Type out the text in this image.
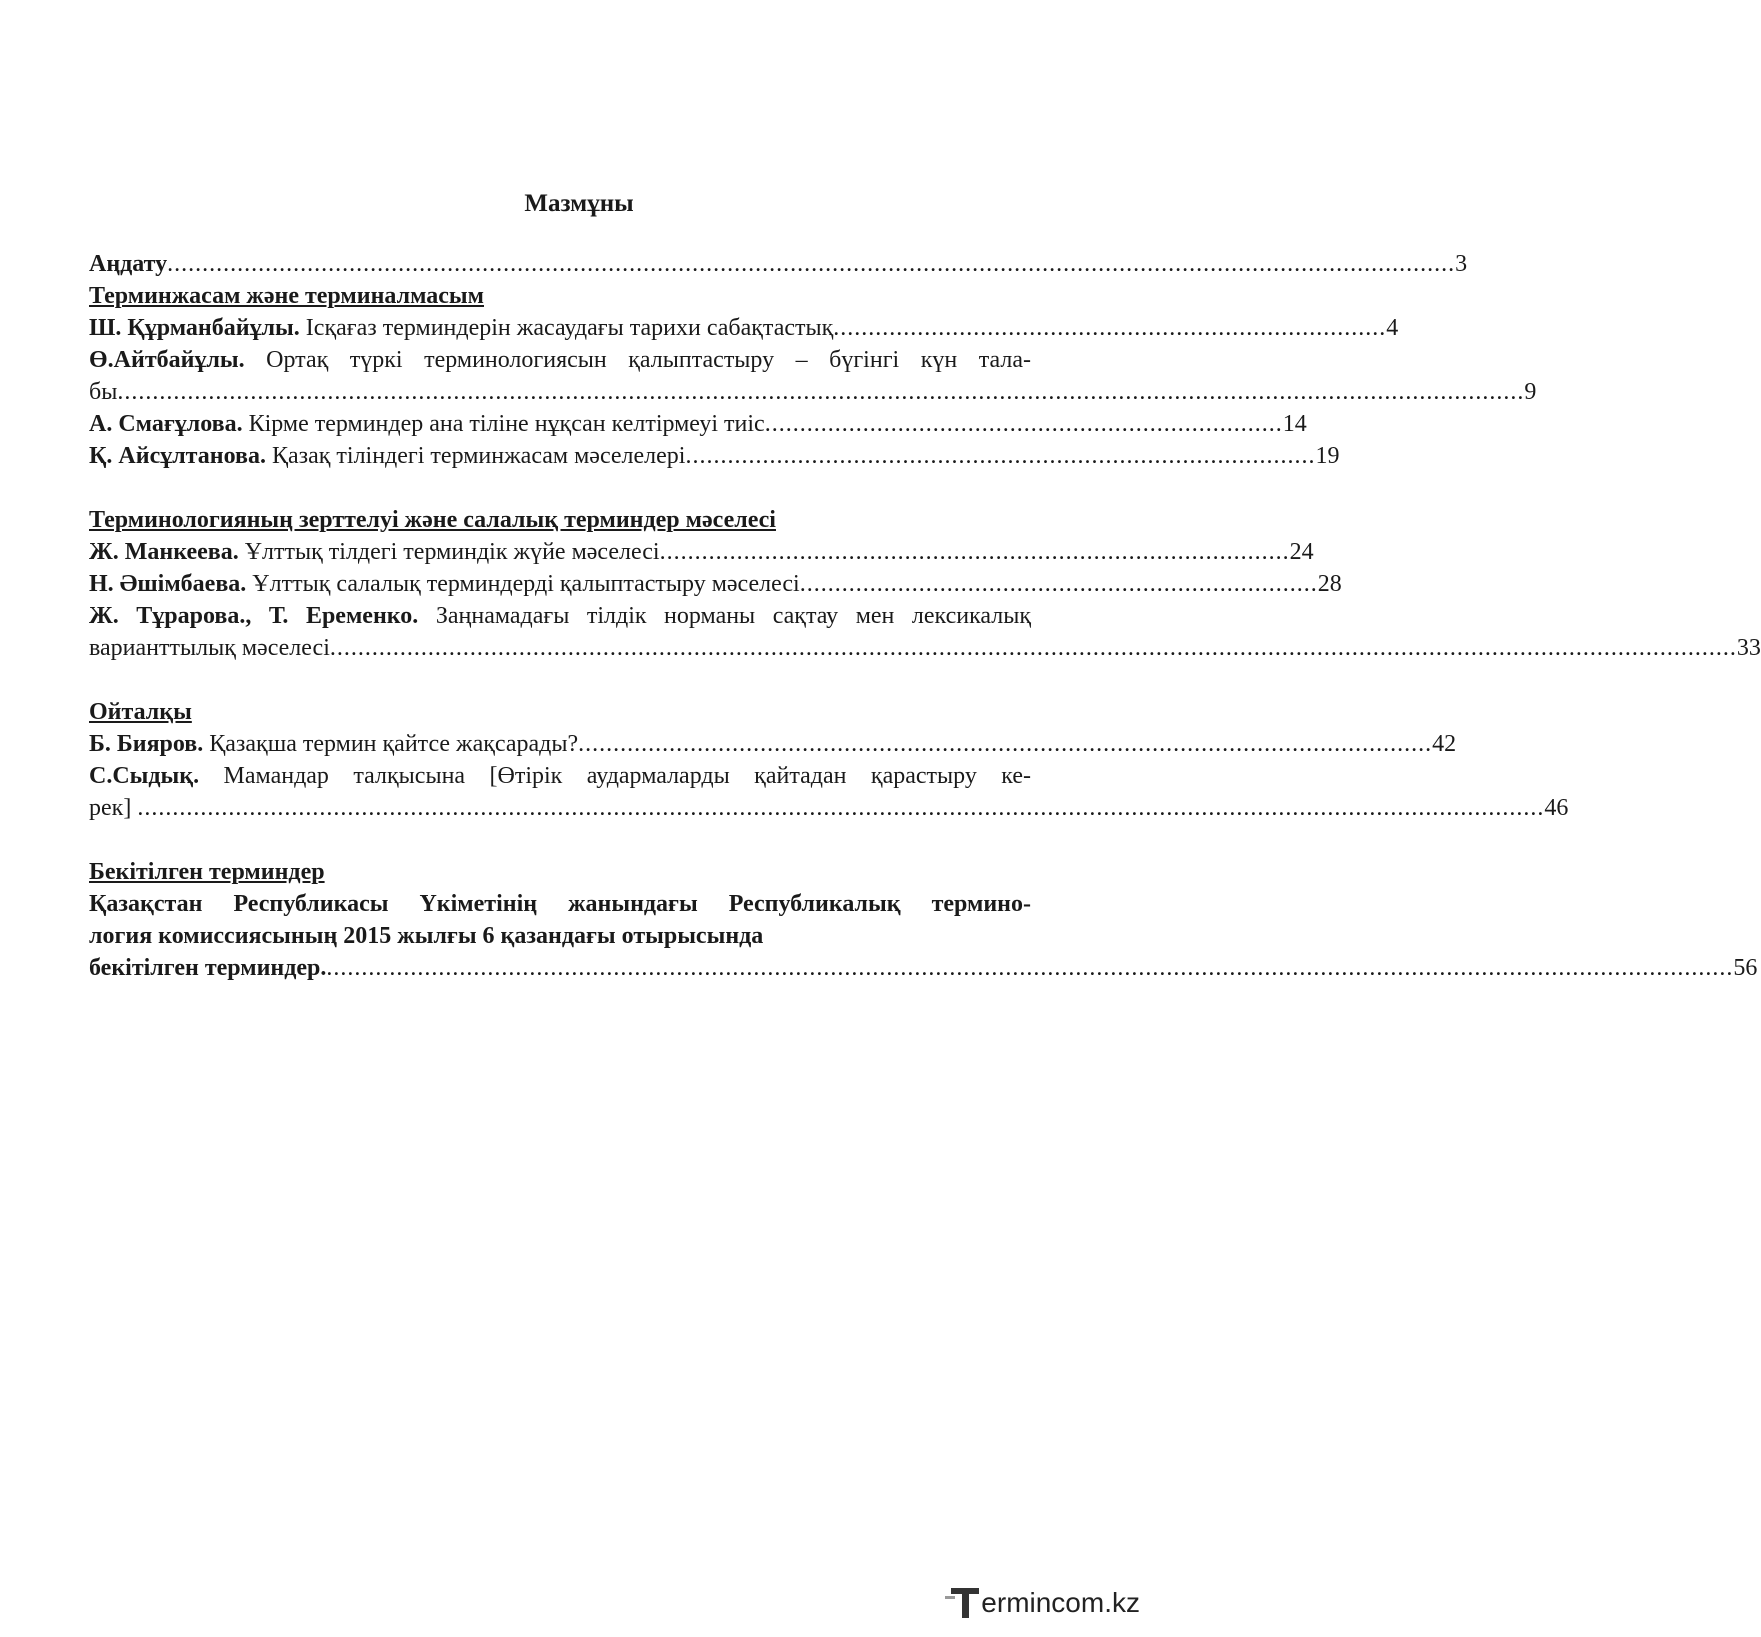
Мазмұны
Аңдату ........................................................................................................................................................................................ 3
Терминжасам және терминалмасым
Ш. Құрманбайұлы. Ісқағаз терминдерін жасаудағы тарихи сабақтастық ............................................................................... 4
Ө.Айтбайұлы. Ортақ түркі терминологиясын қалыптастыру – бүгінгі күн тала-
бы ......................................................................................................................................................................................................... 9
А. Смағұлова. Кірме терминдер ана тіліне нұқсан келтірмеуі тиіс .......................................................................... 14
Қ. Айсұлтанова. Қазақ тіліндегі терминжасам мәселелері .......................................................................................... 19
Терминологияның зерттелуі және салалық терминдер мәселесі
Ж. Манкеева. Ұлттық тілдегі терминдік жүйе мәселесі .......................................................................................... 24
Н. Әшімбаева. Ұлттық салалық терминдерді қалыптастыру мәселесі .......................................................................... 28
Ж. Тұрарова., Т. Еременко. Заңнамадағы тілдік норманы сақтау мен лексикалық
варианттылық мәселесі ......................................................................................................................................................................................................... 33
Ойталқы
Б. Бияров. Қазақша термин қайтсе жақсарады? .......................................................................................................................... 42
С.Сыдық. Мамандар талқысына [Өтірік аудармаларды қайтадан қарастыру ке-
рек] ......................................................................................................................................................................................................... 46
Бекітілген терминдер
Қазақстан Республикасы Үкіметінің жанындағы Республикалық термино-
логия комиссиясының 2015 жылғы 6 қазандағы отырысында
бекітілген терминдер. ......................................................................................................................................................................................................... 56
ermincom.kz
